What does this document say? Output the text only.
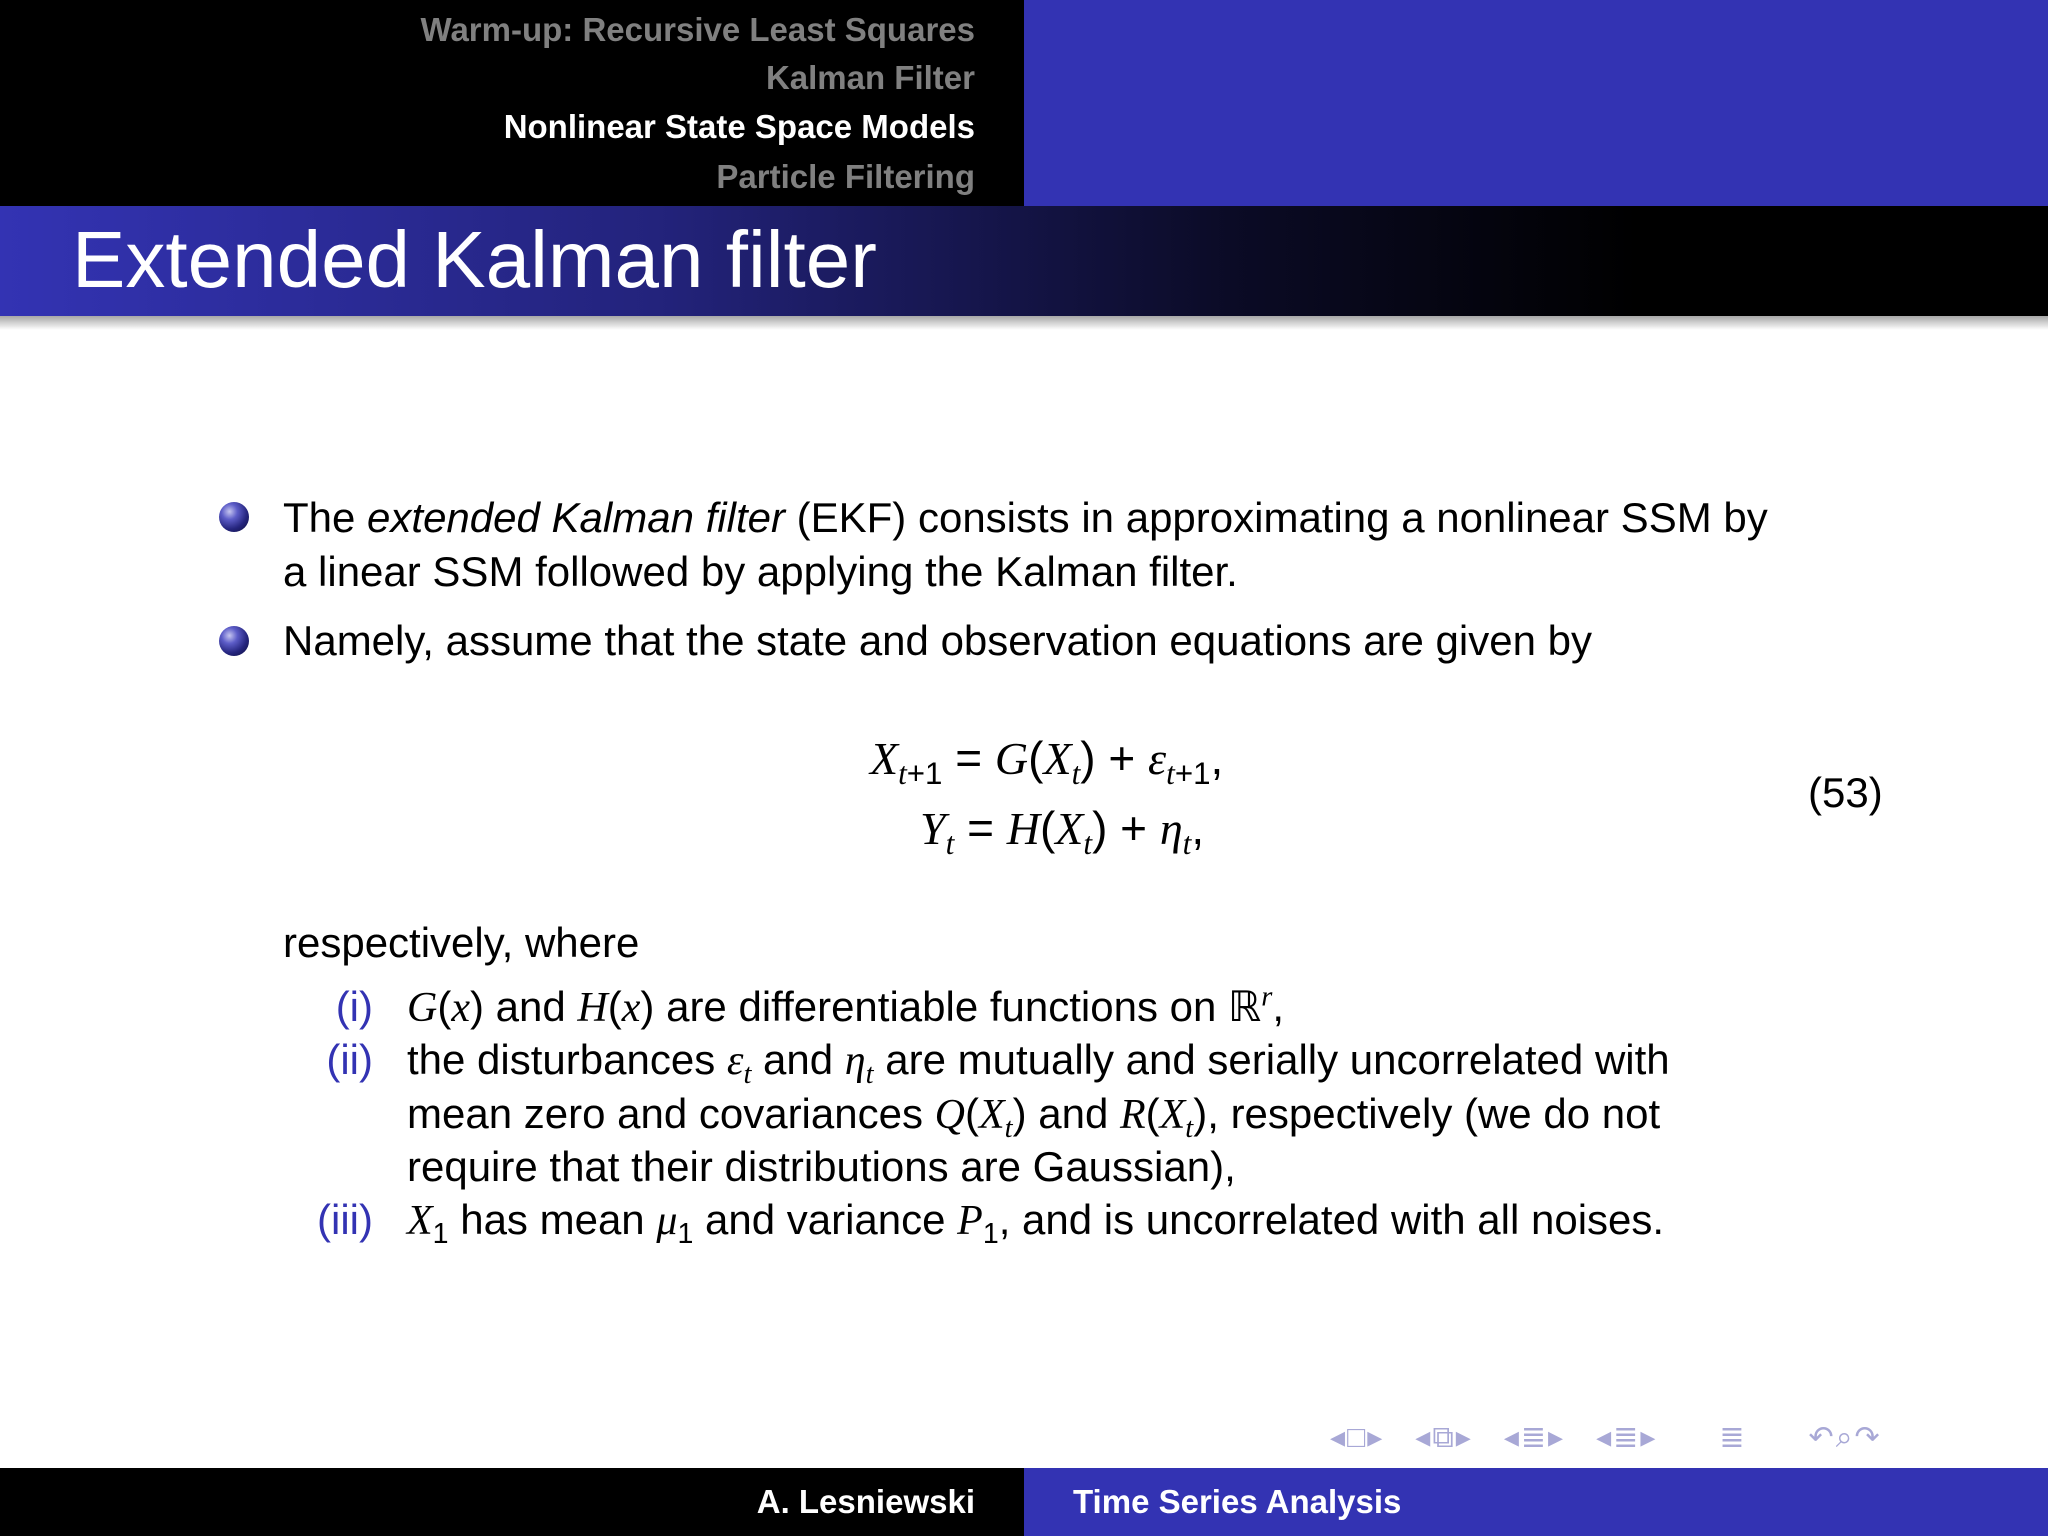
Warm-up: Recursive Least Squares
Kalman Filter
Nonlinear State Space Models
Particle Filtering
Extended Kalman filter
The extended Kalman filter (EKF) consists in approximating a nonlinear SSM by
a linear SSM followed by applying the Kalman filter.
Namely, assume that the state and observation equations are given by
$X_{t+1} = G(X_t) + \varepsilon_{t+1}$,
$Y_t = H(X_t) + \eta_t$,
(53)
respectively, where
(i) G(x) and H(x) are differentiable functions on ℝ$^r$,
(ii) the disturbances $\varepsilon_t$ and $\eta_t$ are mutually and serially uncorrelated with
mean zero and covariances $Q(X_t)$ and $R(X_t)$, respectively (we do not
require that their distributions are Gaussian),
(iii) $X_1$ has mean $\mu_1$ and variance $P_1$, and is uncorrelated with all noises.
◂□▸ ◂⧉▸ ◂≣▸ ◂≣▸ ≣ ↶⌕↷
A. Lesniewski	Time Series Analysis
